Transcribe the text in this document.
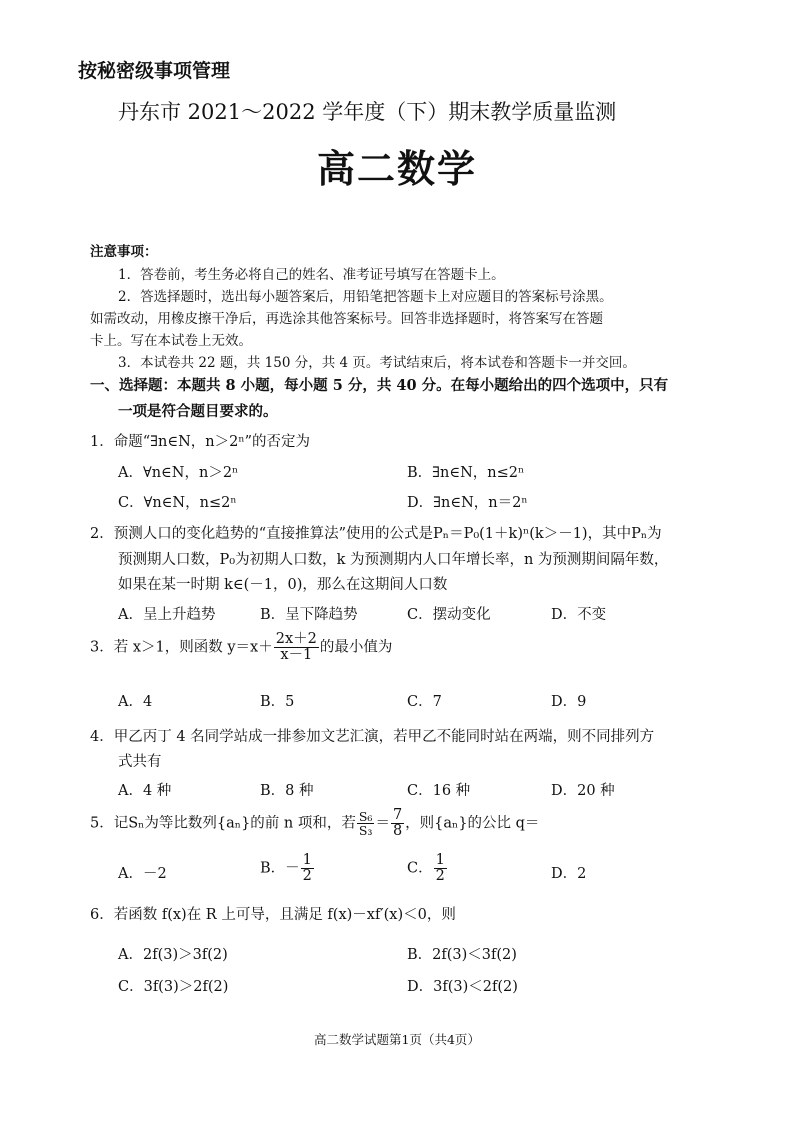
按秘密级事项管理
丹东市 2021～2022 学年度（下）期末教学质量监测
高二数学
注意事项：
1．答卷前，考生务必将自己的姓名、准考证号填写在答题卡上。
2．答选择题时，选出每小题答案后，用铅笔把答题卡上对应题目的答案标号涂黑。
如需改动，用橡皮擦干净后，再选涂其他答案标号。回答非选择题时，将答案写在答题
卡上。写在本试卷上无效。
3．本试卷共 22 题，共 150 分，共 4 页。考试结束后，将本试卷和答题卡一并交回。
一、选择题：本题共 8 小题，每小题 5 分，共 40 分。在每小题给出的四个选项中，只有
一项是符合题目要求的。
1．命题“∃n∈N，n＞2ⁿ”的否定为
A．∀n∈N，n＞2ⁿ	B．∃n∈N，n≤2ⁿ
C．∀n∈N，n≤2ⁿ	D．∃n∈N，n＝2ⁿ
2．预测人口的变化趋势的“直接推算法”使用的公式是Pₙ＝P₀(1＋k)ⁿ(k＞－1)，其中Pₙ为
预测期人口数，P₀为初期人口数，k 为预测期内人口年增长率，n 为预测期间隔年数，
如果在某一时期 k∈(－1，0)，那么在这期间人口数
A．呈上升趋势	B．呈下降趋势	C．摆动变化	D．不变
3．若 x＞1，则函数 $y=x+ \frac{2x+2}{x-1}$ 的最小值为
A．4	B．5	C．7	D．9
4．甲乙丙丁 4 名同学站成一排参加文艺汇演，若甲乙不能同时站在两端，则不同排列方
式共有
A．4 种	B．8 种	C．16 种	D．20 种
5．记Sₙ为等比数列{aₙ}的前 n 项和，若 $\frac{\text{S₆}}{\text{S₃}} = \frac{7}{8}$ ，则{aₙ}的公比 q＝
A．－2	B．－ $\frac{1}{2}$	C． $\frac{1}{2}$	D．2
6．若函数 f(x)在 R 上可导，且满足 f(x)－xf′(x)＜0，则
A．2f(3)＞3f(2)	B．2f(3)＜3f(2)
C．3f(3)＞2f(2)	D．3f(3)＜2f(2)
高二数学试题第1页（共4页）
